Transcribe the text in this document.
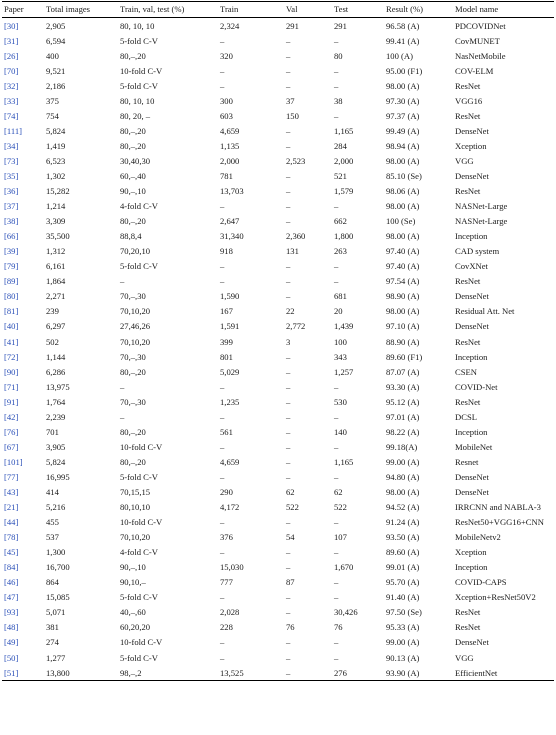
Paper	Total images	Train, val, test (%)	Train	Val	Test	Result (%)	Model name
[30]	2,905	80, 10, 10	2,324	291	291	96.58 (A)	PDCOVIDNet
[31]	6,594	5-fold C-V	–	–	–	99.41 (A)	CovMUNET
[26]	400	80,–,20	320	–	80	100 (A)	NasNetMobile
[70]	9,521	10-fold C-V	–	–	–	95.00 (F1)	COV-ELM
[32]	2,186	5-fold C-V	–	–	–	98.00 (A)	ResNet
[33]	375	80, 10, 10	300	37	38	97.30 (A)	VGG16
[74]	754	80, 20, –	603	150	–	97.37 (A)	ResNet
[111]	5,824	80,–,20	4,659	–	1,165	99.49 (A)	DenseNet
[34]	1,419	80,–,20	1,135	–	284	98.94 (A)	Xception
[73]	6,523	30,40,30	2,000	2,523	2,000	98.00 (A)	VGG
[35]	1,302	60,–,40	781	–	521	85.10 (Se)	DenseNet
[36]	15,282	90,–,10	13,703	–	1,579	98.06 (A)	ResNet
[37]	1,214	4-fold C-V	–	–	–	98.00 (A)	NASNet-Large
[38]	3,309	80,–,20	2,647	–	662	100 (Se)	NASNet-Large
[66]	35,500	88,8,4	31,340	2,360	1,800	98.00 (A)	Inception
[39]	1,312	70,20,10	918	131	263	97.40 (A)	CAD system
[79]	6,161	5-fold C-V	–	–	–	97.40 (A)	CovXNet
[89]	1,864	–	–	–	–	97.54 (A)	ResNet
[80]	2,271	70,–,30	1,590	–	681	98.90 (A)	DenseNet
[81]	239	70,10,20	167	22	20	98.00 (A)	Residual Att. Net
[40]	6,297	27,46,26	1,591	2,772	1,439	97.10 (A)	DenseNet
[41]	502	70,10,20	399	3	100	88.90 (A)	ResNet
[72]	1,144	70,–,30	801	–	343	89.60 (F1)	Inception
[90]	6,286	80,–,20	5,029	–	1,257	87.07 (A)	CSEN
[71]	13,975	–	–	–	–	93.30 (A)	COVID-Net
[91]	1,764	70,–,30	1,235	–	530	95.12 (A)	ResNet
[42]	2,239	–	–	–	–	97.01 (A)	DCSL
[76]	701	80,–,20	561	–	140	98.22 (A)	Inception
[67]	3,905	10-fold C-V	–	–	–	99.18(A)	MobileNet
[101]	5,824	80,–,20	4,659	–	1,165	99.00 (A)	Resnet
[77]	16,995	5-fold C-V	–	–	–	94.80 (A)	DenseNet
[43]	414	70,15,15	290	62	62	98.00 (A)	DenseNet
[21]	5,216	80,10,10	4,172	522	522	94.52 (A)	IRRCNN and NABLA-3
[44]	455	10-fold C-V	–	–	–	91.24 (A)	ResNet50+VGG16+CNN
[78]	537	70,10,20	376	54	107	93.50 (A)	MobileNetv2
[45]	1,300	4-fold C-V	–	–	–	89.60 (A)	Xception
[84]	16,700	90,–,10	15,030	–	1,670	99.01 (A)	Inception
[46]	864	90,10,–	777	87	–	95.70 (A)	COVID-CAPS
[47]	15,085	5-fold C-V	–	–	–	91.40 (A)	Xception+ResNet50V2
[93]	5,071	40,–,60	2,028	–	30,426	97.50 (Se)	ResNet
[48]	381	60,20,20	228	76	76	95.33 (A)	ResNet
[49]	274	10-fold C-V	–	–	–	99.00 (A)	DenseNet
[50]	1,277	5-fold C-V	–	–	–	90.13 (A)	VGG
[51]	13,800	98,–,2	13,525	–	276	93.90 (A)	EfficientNet
